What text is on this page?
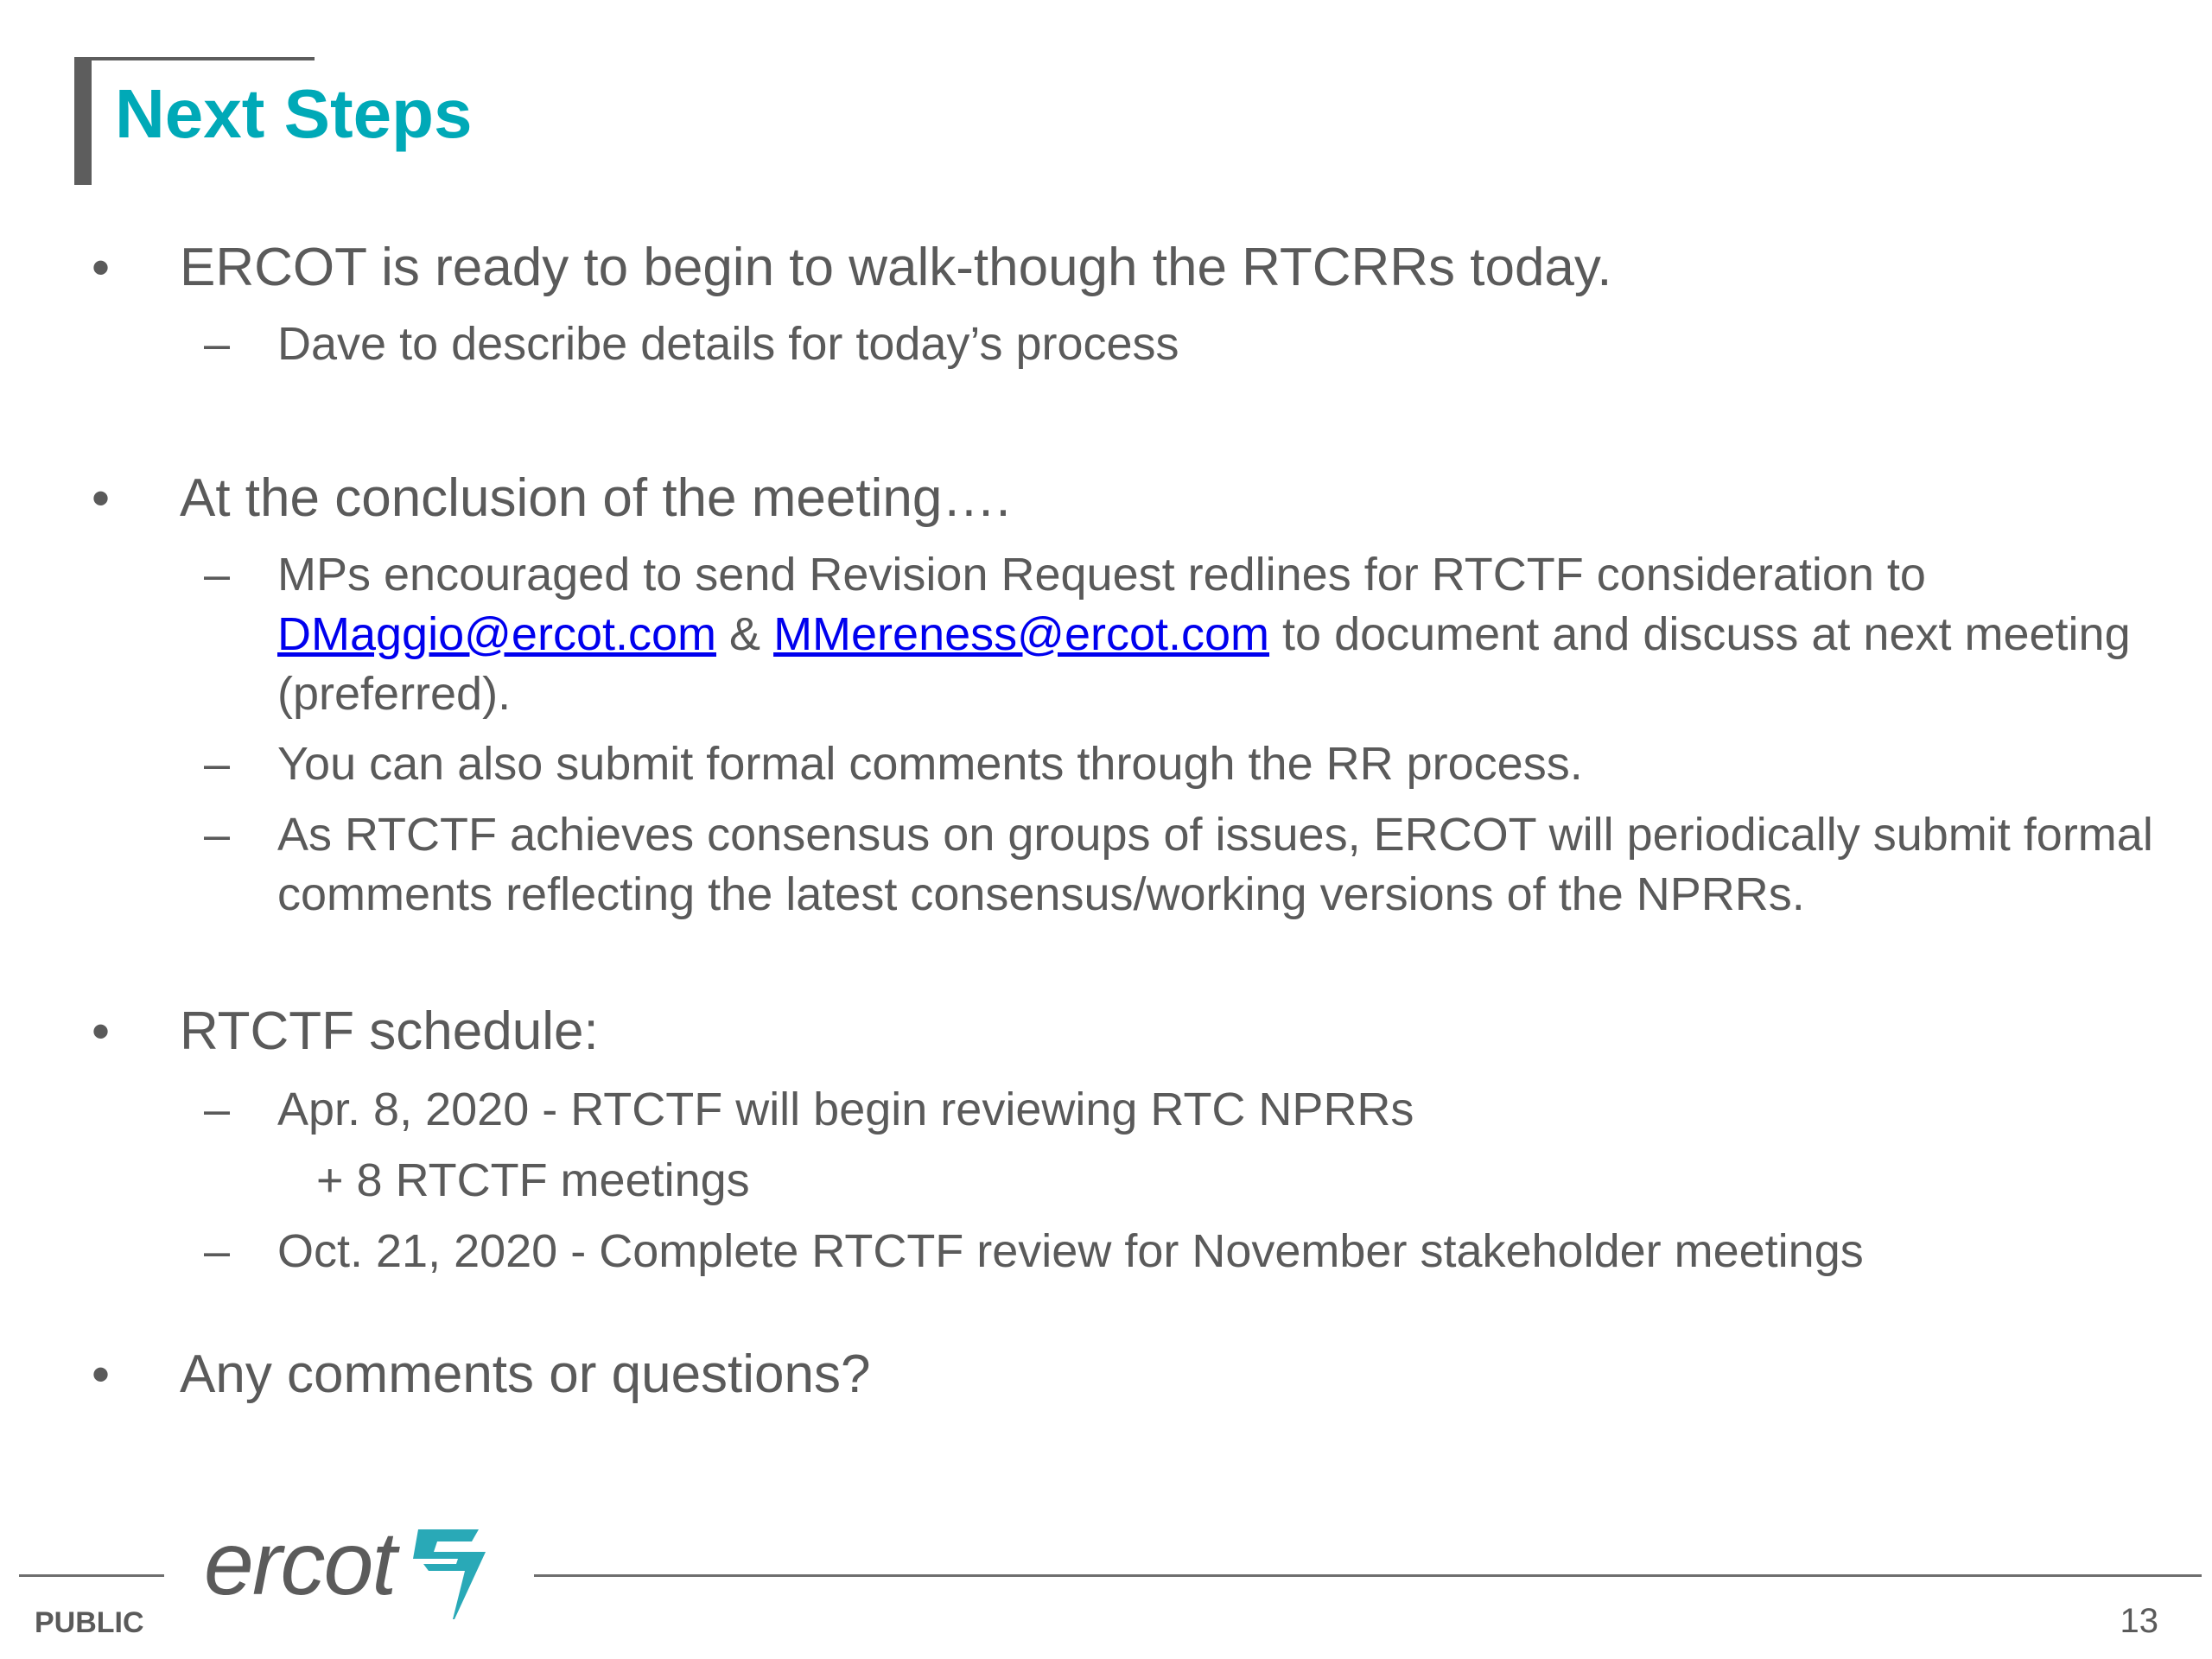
Next Steps
• ERCOT is ready to begin to walk-though the RTCRRs today.
– Dave to describe details for today’s process
• At the conclusion of the meeting….
– MPs encouraged to send Revision Request redlines for RTCTF consideration to DMaggio@ercot.com & MMereness@ercot.com to document and discuss at next meeting (preferred).
– You can also submit formal comments through the RR process.
– As RTCTF achieves consensus on groups of issues, ERCOT will periodically submit formal comments reflecting the latest consensus/working versions of the NPRRs.
• RTCTF schedule:
– Apr. 8, 2020 - RTCTF will begin reviewing RTC NPRRs
+ 8 RTCTF meetings
– Oct. 21, 2020 - Complete RTCTF review for November stakeholder meetings
• Any comments or questions?
ercot
PUBLIC	13
